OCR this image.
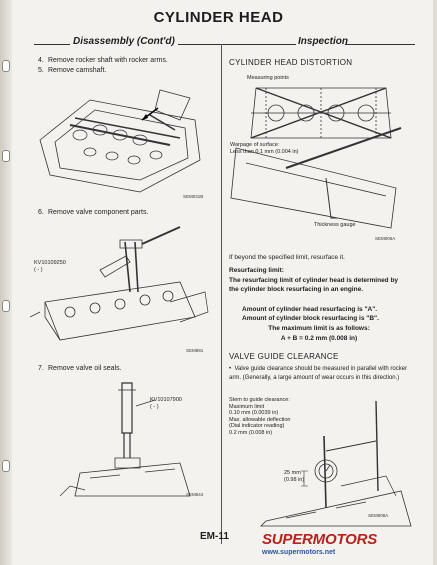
CYLINDER HEAD
Disassembly (Cont'd)	Inspection
4. Remove rocker shaft with rocker arms.
5. Remove camshaft.
SEM031B
6. Remove valve component parts.
KV10109250
( - )
SEM891
7. Remove valve oil seals.
KV10107900
( - )
SEM644
CYLINDER HEAD DISTORTION
Measuring points
Warpage of surface:
Less than 0.1 mm (0.004 in)
Thickness gauge
SEM006A
If beyond the specified limit, resurface it.
Resurfacing limit:
The resurfacing limit of cylinder head is determined by the cylinder block resurfacing in an engine.
Amount of cylinder head resurfacing is "A".
Amount of cylinder block resurfacing is "B".
The maximum limit is as follows:
A + B = 0.2 mm (0.008 in)
VALVE GUIDE CLEARANCE
•  Valve guide clearance should be measured in parallel with rocker arm. (Generally, a large amount of wear occurs in this direction.)
Stem to guide clearance:
Maximum limit
0.10 mm (0.0039 in)
Max. allowable deflection
(Dial indicator reading)
0.2 mm (0.008 in)
25 mm
(0.98 in)
SEM008A
EM-11 SUPERMOTORS
www.supermotors.net
